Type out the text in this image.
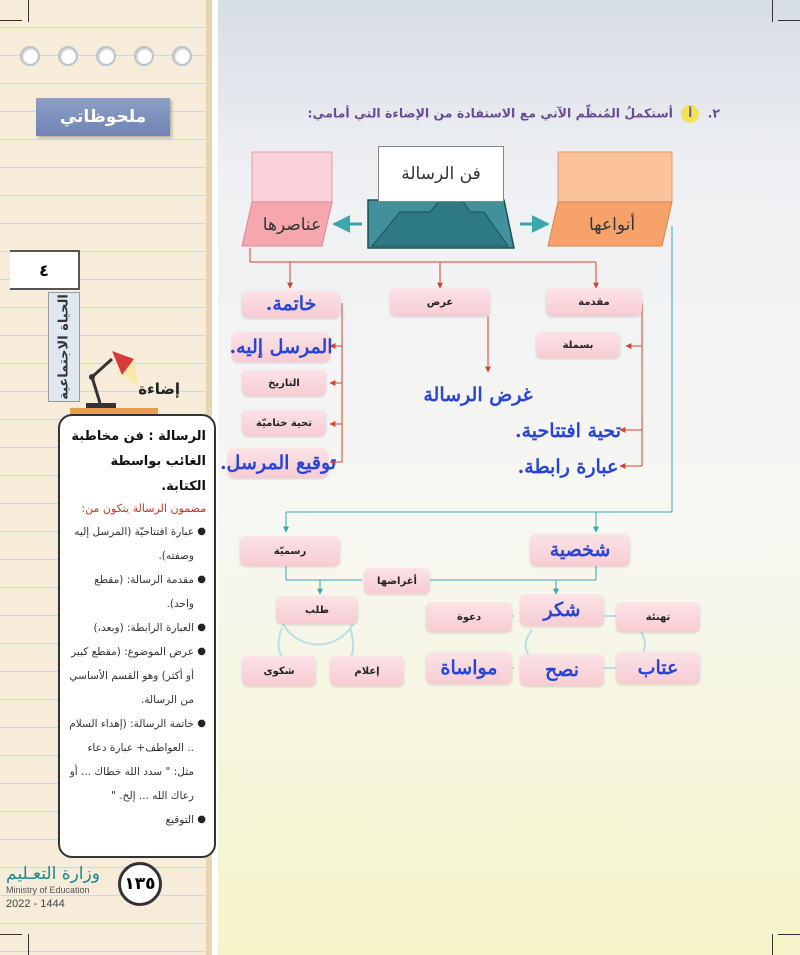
ملحوظاتي
٤
الحياة الاجتماعية	إضاءة
الرسالة : فن مخاطبة الغائب بواسطة الكتابة.
مضمون الرسالة يتكون من:
● عبارة افتتاحيّة (المرسل إليه وصفته).
● مقدمة الرسالة: (مقطع واحد).
● العبارة الرابطة: (وبعد،)
● عرض الموضوع: (مقطع كبير أو أكثر) وهو القسم الأساسي من الرسالة.
● خاتمة الرسالة: (إهداء السلام .. العواطف+ عبارة دعاء مثل: " سدد الله خطاك ... أو رعاك الله ... إلخ. "
● التوقيع
وزارة التعـليم
Ministry of Education
2022 - 1444
١٣٥
٢. أ أستكملُ المُنظّم الآتي مع الاستفادة من الإضاءة التي أمامي:
فن الرسالة
عناصرها	أنواعها
خاتمة.
المرسل إليه.
التاريخ
تحية ختاميّة
توقيع المرسل.
عرض
غرض الرسالة
مقدمة
بسملة
تحية افتتاحية.
عبارة رابطة.
رسميّة	شخصية
أغراضها
طلب
شكوى	إعلام
دعوة	شكر	تهنئة
مواساة	نصح	عتاب
